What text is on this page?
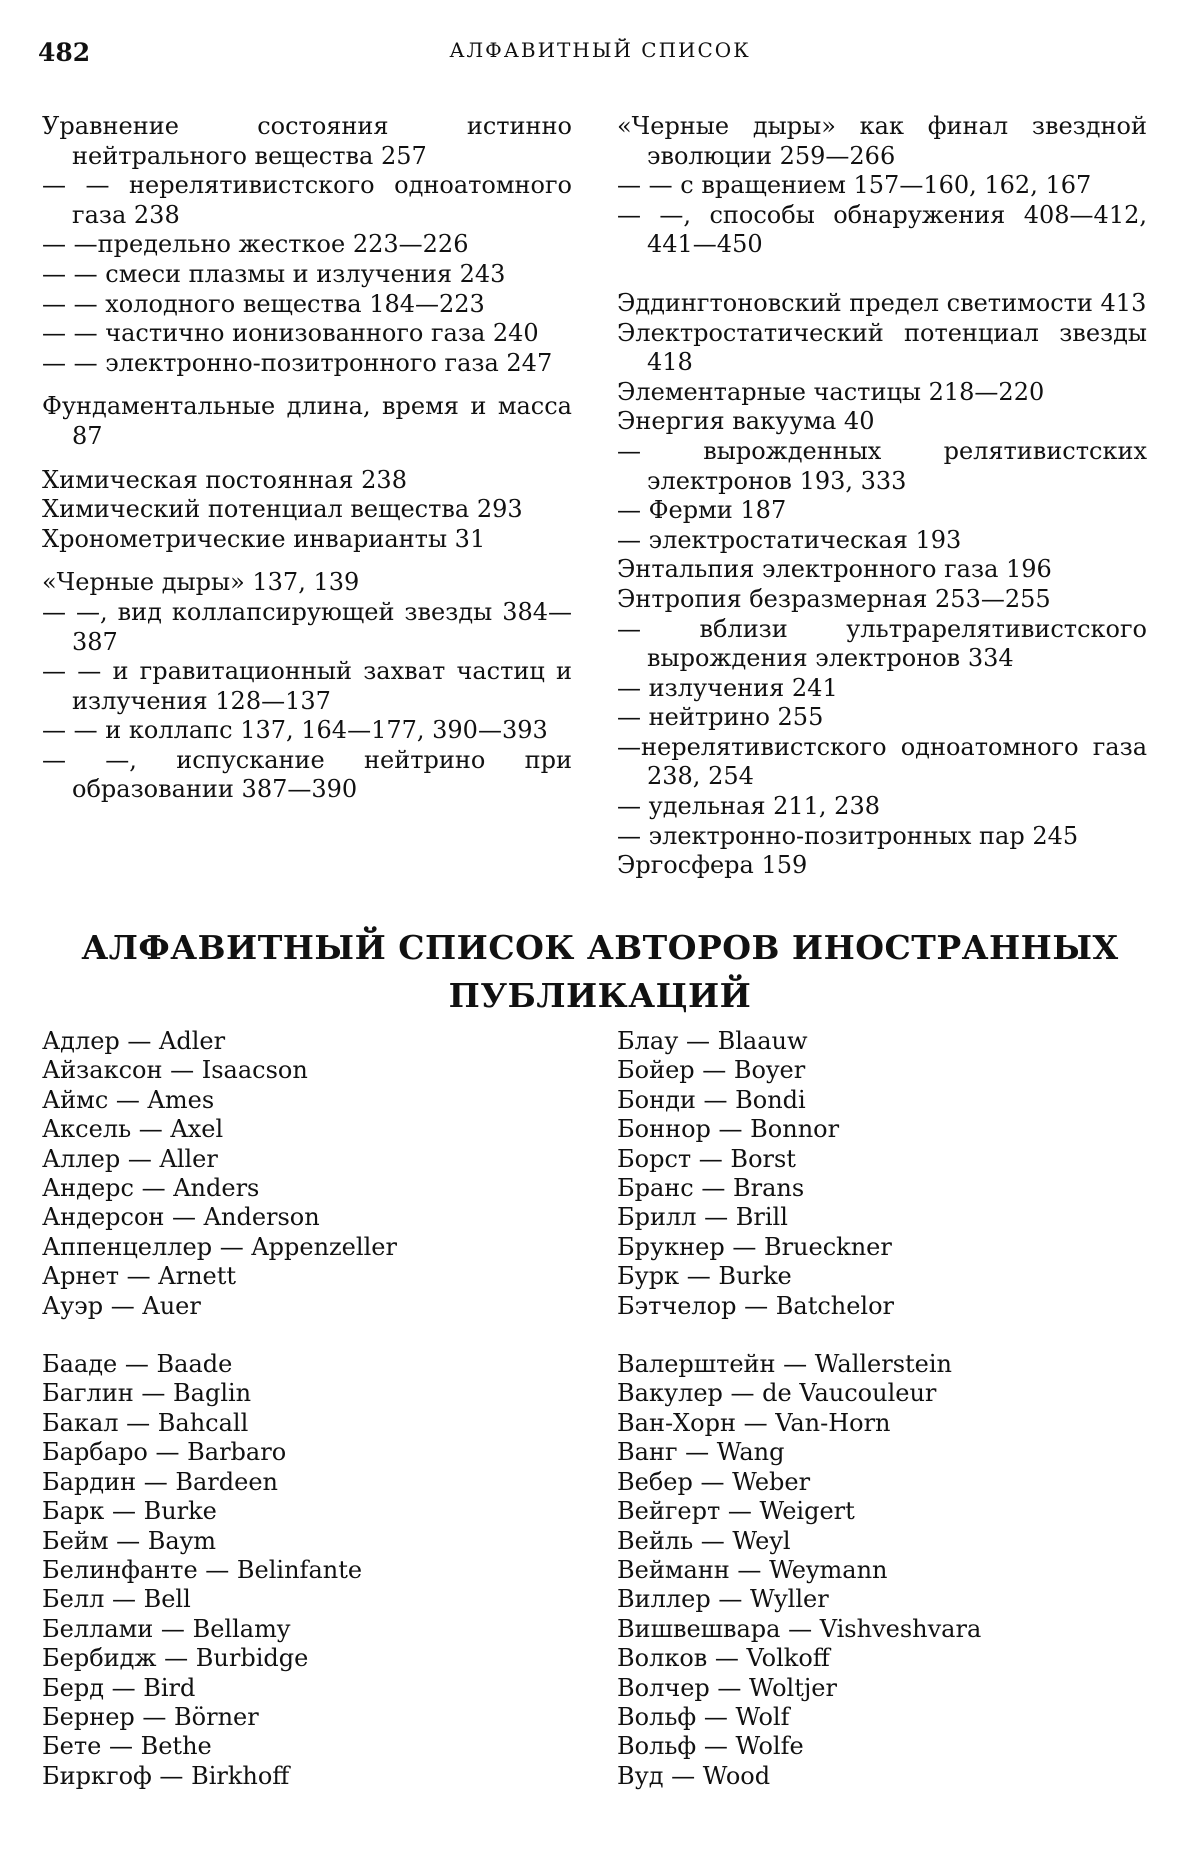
482	АЛФАВИТНЫЙ СПИСОК
Уравнение состояния истинно нейтрального вещества 257
— — нерелятивистского одноатомного газа 238
— —предельно жесткое 223—226
— — смеси плазмы и излучения 243
— — холодного вещества 184—223
— — частично ионизованного газа 240
— — электронно-позитронного газа 247
Фундаментальные длина, время и масса 87
Химическая постоянная 238
Химический потенциал вещества 293
Хронометрические инварианты 31
«Черные дыры» 137, 139
— —, вид коллапсирующей звезды 384—387
— — и гравитационный захват частиц и излучения 128—137
— — и коллапс 137, 164—177, 390—393
— —, испускание нейтрино при образовании 387—390
«Черные дыры» как финал звездной эволюции 259—266
— — с вращением 157—160, 162, 167
— —, способы обнаружения 408—412, 441—450
Эддингтоновский предел светимости 413
Электростатический потенциал звезды 418
Элементарные частицы 218—220
Энергия вакуума 40
— вырожденных релятивистских электронов 193, 333
— Ферми 187
— электростатическая 193
Энтальпия электронного газа 196
Энтропия безразмерная 253—255
— вблизи ультрарелятивистского вырождения электронов 334
— излучения 241
— нейтрино 255
—нерелятивистского одноатомного газа 238, 254
— удельная 211, 238
— электронно-позитронных пар 245
Эргосфера 159
АЛФАВИТНЫЙ СПИСОК АВТОРОВ ИНОСТРАННЫХ ПУБЛИКАЦИЙ
Адлер — Adler
Айзаксон — Isaacson
Аймс — Ames
Аксель — Axel
Аллер — Aller
Андерс — Anders
Андерсон — Anderson
Аппенцеллер — Appenzeller
Арнет — Arnett
Ауэр — Auer
Бааде — Baade
Баглин — Baglin
Бакал — Bahcall
Барбаро — Barbaro
Бардин — Bardeen
Барк — Burke
Бейм — Baym
Белинфанте — Belinfante
Белл — Bell
Беллами — Bellamy
Бербидж — Burbidge
Берд — Bird
Бернер — Börner
Бете — Bethe
Биркгоф — Birkhoff
Блау — Blaauw
Бойер — Boyer
Бонди — Bondi
Боннор — Bonnor
Борст — Borst
Бранс — Brans
Брилл — Brill
Брукнер — Brueckner
Бурк — Burke
Бэтчелор — Batchelor
Валерштейн — Wallerstein
Вакулер — de Vaucouleur
Ван-Хорн — Van-Horn
Ванг — Wang
Вебер — Weber
Вейгерт — Weigert
Вейль — Weyl
Вейманн — Weymann
Виллер — Wyller
Вишвешвара — Vishveshvara
Волков — Volkoff
Волчер — Woltjer
Вольф — Wolf
Вольф — Wolfe
Вуд — Wood
